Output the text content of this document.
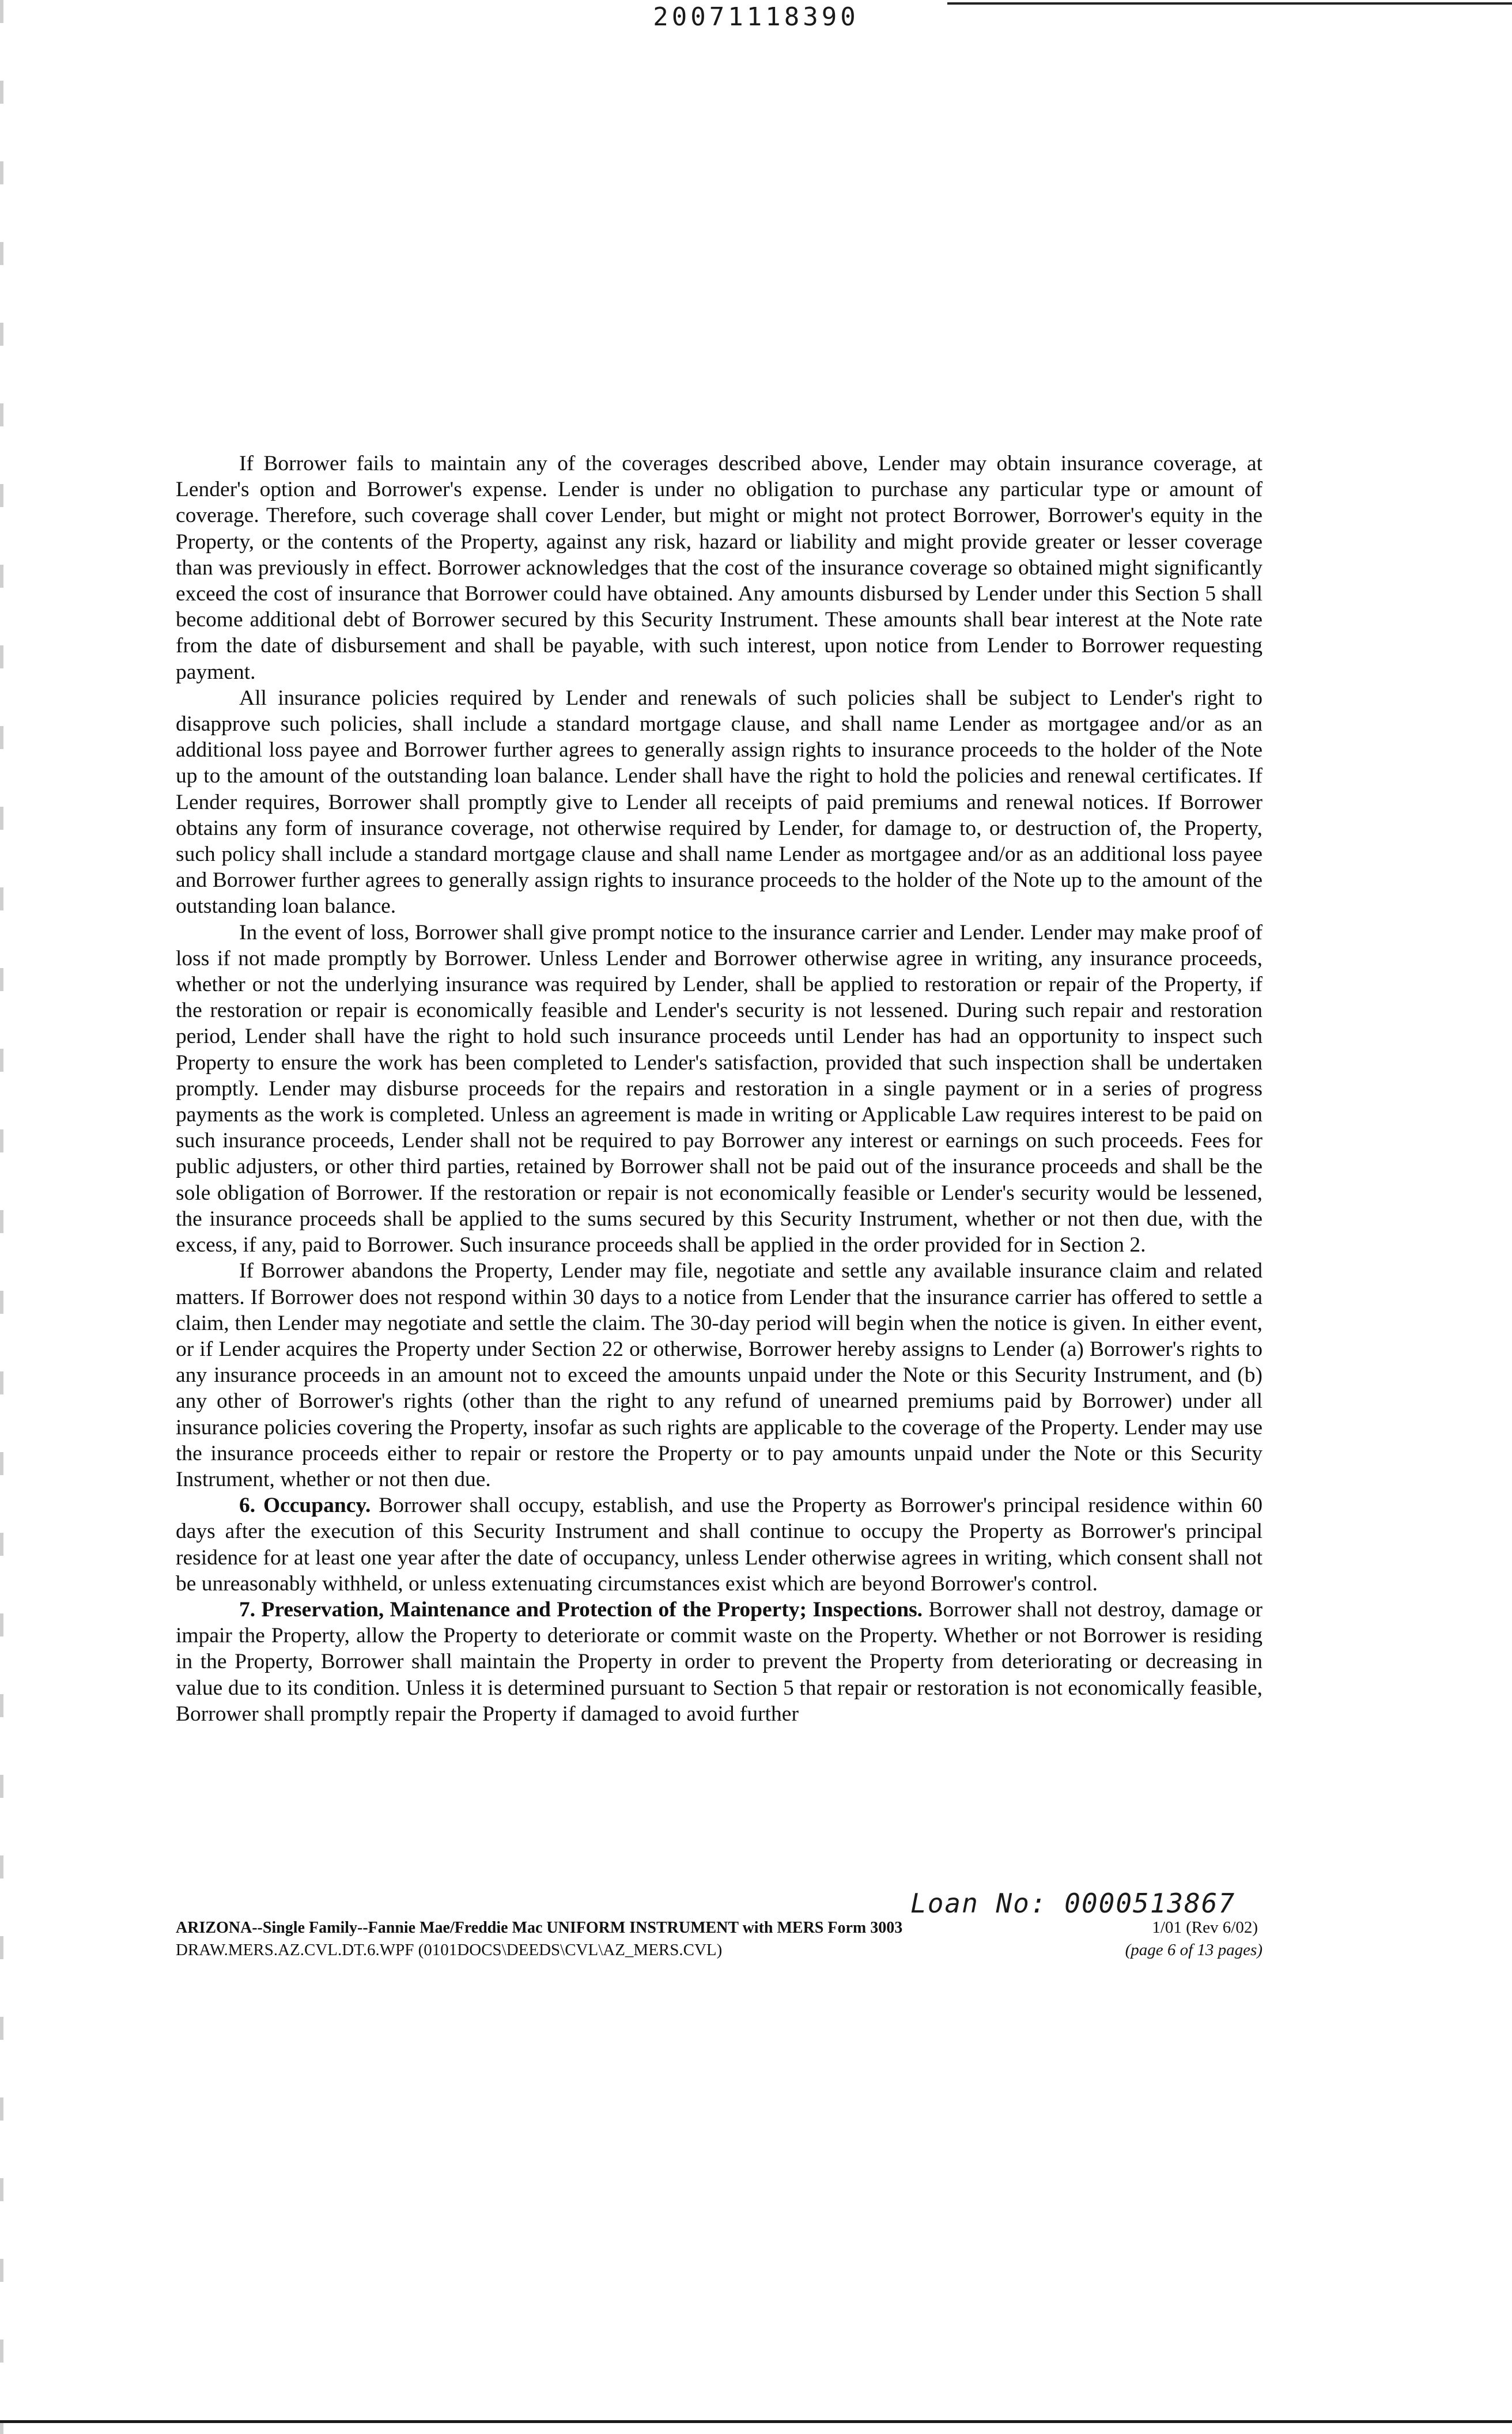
20071118390

If Borrower fails to maintain any of the coverages described above, Lender may obtain insurance coverage, at Lender's option and Borrower's expense. Lender is under no obligation to purchase any particular type or amount of coverage. Therefore, such coverage shall cover Lender, but might or might not protect Borrower, Borrower's equity in the Property, or the contents of the Property, against any risk, hazard or liability and might provide greater or lesser coverage than was previously in effect. Borrower acknowledges that the cost of the insurance coverage so obtained might significantly exceed the cost of insurance that Borrower could have obtained. Any amounts disbursed by Lender under this Section 5 shall become additional debt of Borrower secured by this Security Instrument. These amounts shall bear interest at the Note rate from the date of disbursement and shall be payable, with such interest, upon notice from Lender to Borrower requesting payment.

All insurance policies required by Lender and renewals of such policies shall be subject to Lender's right to disapprove such policies, shall include a standard mortgage clause, and shall name Lender as mortgagee and/or as an additional loss payee and Borrower further agrees to generally assign rights to insurance proceeds to the holder of the Note up to the amount of the outstanding loan balance. Lender shall have the right to hold the policies and renewal certificates. If Lender requires, Borrower shall promptly give to Lender all receipts of paid premiums and renewal notices. If Borrower obtains any form of insurance coverage, not otherwise required by Lender, for damage to, or destruction of, the Property, such policy shall include a standard mortgage clause and shall name Lender as mortgagee and/or as an additional loss payee and Borrower further agrees to generally assign rights to insurance proceeds to the holder of the Note up to the amount of the outstanding loan balance.

In the event of loss, Borrower shall give prompt notice to the insurance carrier and Lender. Lender may make proof of loss if not made promptly by Borrower. Unless Lender and Borrower otherwise agree in writing, any insurance proceeds, whether or not the underlying insurance was required by Lender, shall be applied to restoration or repair of the Property, if the restoration or repair is economically feasible and Lender's security is not lessened. During such repair and restoration period, Lender shall have the right to hold such insurance proceeds until Lender has had an opportunity to inspect such Property to ensure the work has been completed to Lender's satisfaction, provided that such inspection shall be undertaken promptly. Lender may disburse proceeds for the repairs and restoration in a single payment or in a series of progress payments as the work is completed. Unless an agreement is made in writing or Applicable Law requires interest to be paid on such insurance proceeds, Lender shall not be required to pay Borrower any interest or earnings on such proceeds. Fees for public adjusters, or other third parties, retained by Borrower shall not be paid out of the insurance proceeds and shall be the sole obligation of Borrower. If the restoration or repair is not economically feasible or Lender's security would be lessened, the insurance proceeds shall be applied to the sums secured by this Security Instrument, whether or not then due, with the excess, if any, paid to Borrower. Such insurance proceeds shall be applied in the order provided for in Section 2.

If Borrower abandons the Property, Lender may file, negotiate and settle any available insurance claim and related matters. If Borrower does not respond within 30 days to a notice from Lender that the insurance carrier has offered to settle a claim, then Lender may negotiate and settle the claim. The 30-day period will begin when the notice is given. In either event, or if Lender acquires the Property under Section 22 or otherwise, Borrower hereby assigns to Lender (a) Borrower's rights to any insurance proceeds in an amount not to exceed the amounts unpaid under the Note or this Security Instrument, and (b) any other of Borrower's rights (other than the right to any refund of unearned premiums paid by Borrower) under all insurance policies covering the Property, insofar as such rights are applicable to the coverage of the Property. Lender may use the insurance proceeds either to repair or restore the Property or to pay amounts unpaid under the Note or this Security Instrument, whether or not then due.

6. Occupancy. Borrower shall occupy, establish, and use the Property as Borrower's principal residence within 60 days after the execution of this Security Instrument and shall continue to occupy the Property as Borrower's principal residence for at least one year after the date of occupancy, unless Lender otherwise agrees in writing, which consent shall not be unreasonably withheld, or unless extenuating circumstances exist which are beyond Borrower's control.

7. Preservation, Maintenance and Protection of the Property; Inspections. Borrower shall not destroy, damage or impair the Property, allow the Property to deteriorate or commit waste on the Property. Whether or not Borrower is residing in the Property, Borrower shall maintain the Property in order to prevent the Property from deteriorating or decreasing in value due to its condition. Unless it is determined pursuant to Section 5 that repair or restoration is not economically feasible, Borrower shall promptly repair the Property if damaged to avoid further

Loan No: 0000513867
ARIZONA--Single Family--Fannie Mae/Freddie Mac UNIFORM INSTRUMENT with MERS Form 3003	1/01 (Rev 6/02)
DRAW.MERS.AZ.CVL.DT.6.WPF (0101DOCS\DEEDS\CVL\AZ_MERS.CVL)	(page 6 of 13 pages)
